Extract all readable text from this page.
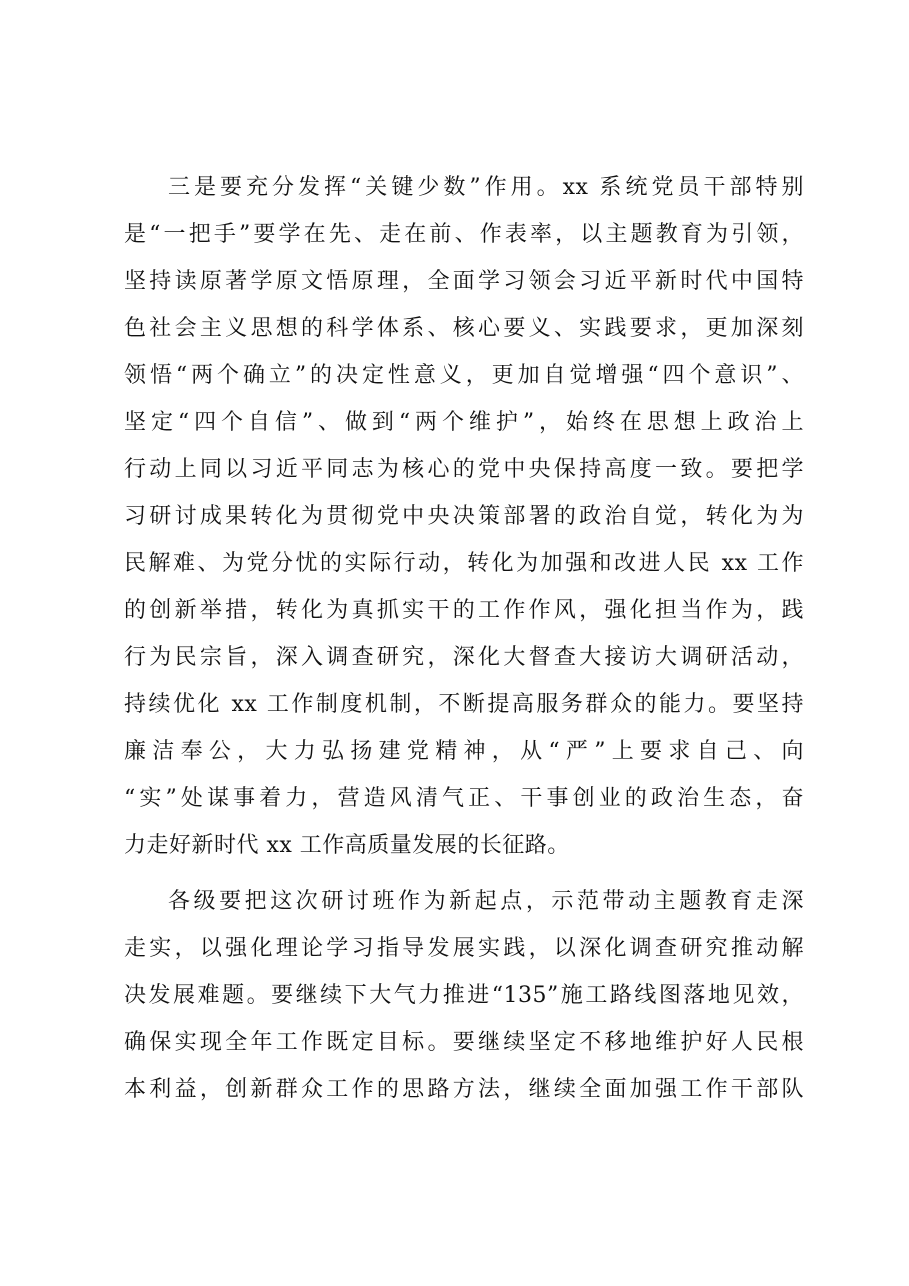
三是要充分发挥“关键少数”作用。xx 系统党员干部特别
是“一把手”要学在先、走在前、作表率，以主题教育为引领，
坚持读原著学原文悟原理，全面学习领会习近平新时代中国特
色社会主义思想的科学体系、核心要义、实践要求，更加深刻
领悟“两个确立”的决定性意义，更加自觉增强“四个意识”、
坚定“四个自信”、做到“两个维护”，始终在思想上政治上
行动上同以习近平同志为核心的党中央保持高度一致。要把学
习研讨成果转化为贯彻党中央决策部署的政治自觉，转化为为
民解难、为党分忧的实际行动，转化为加强和改进人民 xx 工作
的创新举措，转化为真抓实干的工作作风，强化担当作为，践
行为民宗旨，深入调查研究，深化大督查大接访大调研活动，
持续优化 xx 工作制度机制，不断提高服务群众的能力。要坚持
廉洁奉公，大力弘扬建党精神，从“严”上要求自己、向
“实”处谋事着力，营造风清气正、干事创业的政治生态，奋
力走好新时代 xx 工作高质量发展的长征路。
各级要把这次研讨班作为新起点，示范带动主题教育走深
走实，以强化理论学习指导发展实践，以深化调查研究推动解
决发展难题。要继续下大气力推进“135”施工路线图落地见效，
确保实现全年工作既定目标。要继续坚定不移地维护好人民根
本利益，创新群众工作的思路方法，继续全面加强工作干部队
